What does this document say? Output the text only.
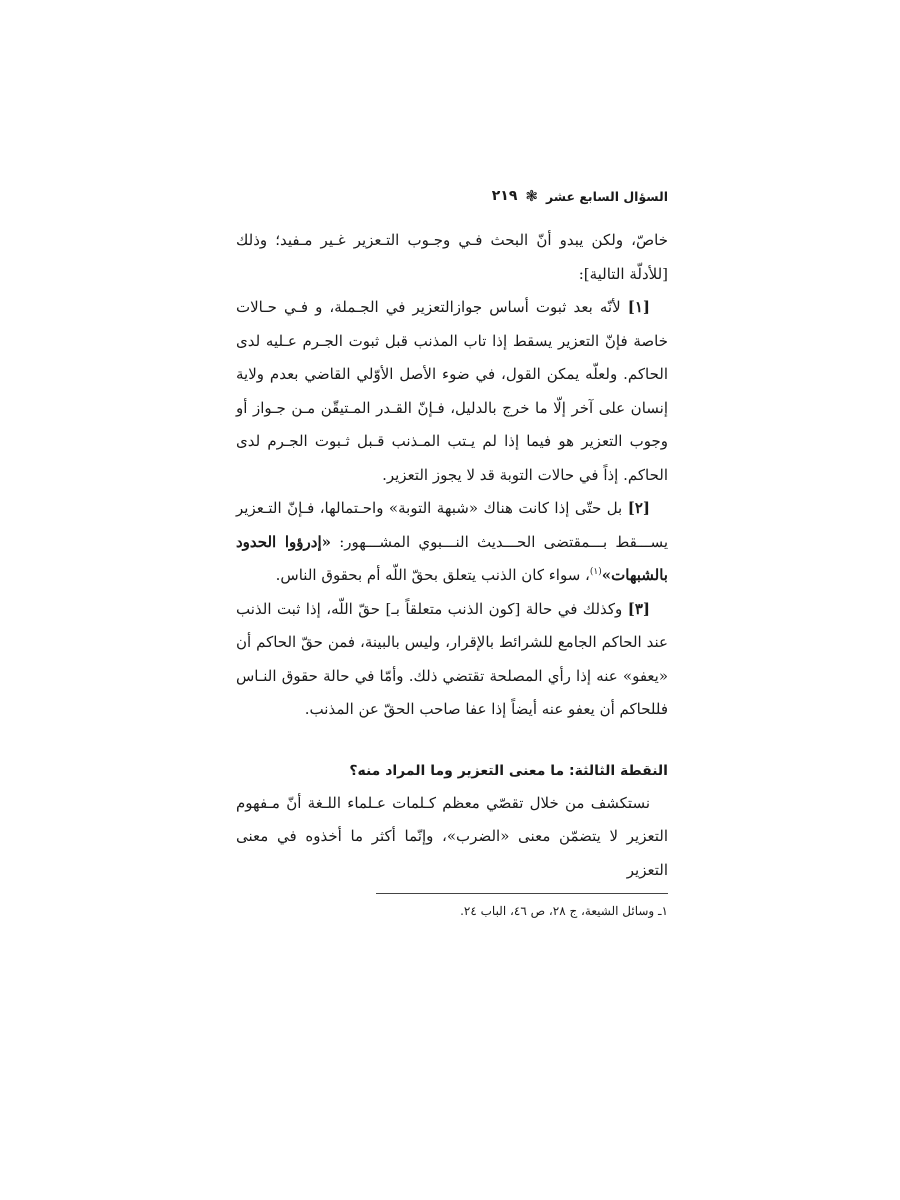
السؤال السابع عشر
❃
٢١٩

خاصّ، ولكن يبدو أنّ البحث فـي وجـوب التـعزير غـير مـفيد؛ وذلك [للأدلّة التالية]:

[١] لأنّه بعد ثبوت أساس جوازالتعزير في الجـملة، و فـي حـالات خاصة فإنّ التعزير يسقط إذا تاب المذنب قبل ثبوت الجـرم عـليه لدى الحاكم. ولعلّه يمكن القول، في ضوء الأصل الأوّلي القاضي بعدم ولاية إنسان على آخر إلّا ما خرج بالدليل، فـإنّ القـدر المـتيقّن مـن جـواز أو وجوب التعزير هو فيما إذا لم يـتب المـذنب قـبل ثـبوت الجـرم لدى الحاكم. إذاً في حالات التوبة قد لا يجوز التعزير.

[٢] بل حتّى إذا كانت هناك «شبهة التوبة» واحـتمالها، فـإنّ التـعزير يســـقط بـــمقتضى الحـــديث النـــبوي المشـــهور: «إدرؤوا الحدود بالشبهات»$^{(١)}$، سواء كان الذنب يتعلق بحقّ اللّه أم بحقوق الناس.

[٣] وكذلك في حالة [كون الذنب متعلقاً بـ] حقّ اللّه، إذا ثبت الذنب عند الحاكم الجامع للشرائط بالإقرار، وليس بالبينة، فمن حقّ الحاكم أن «يعفو» عنه إذا رأي المصلحة تقتضي ذلك. وأمّا في حالة حقوق النـاس فللحاكم أن يعفو عنه أيضاً إذا عفا صاحب الحقّ عن المذنب.

النقطة الثالثة: ما معنى التعزير وما المراد منه؟

نستكشف من خلال تقصّي معظم كـلمات عـلماء اللـغة أنّ مـفهوم التعزير لا يتضمّن معنى «الضرب»، وإنّما أكثر ما أخذوه في معنى التعزير

١ـ وسائل الشيعة، ج ٢٨، ص ٤٦، الباب ٢٤.
